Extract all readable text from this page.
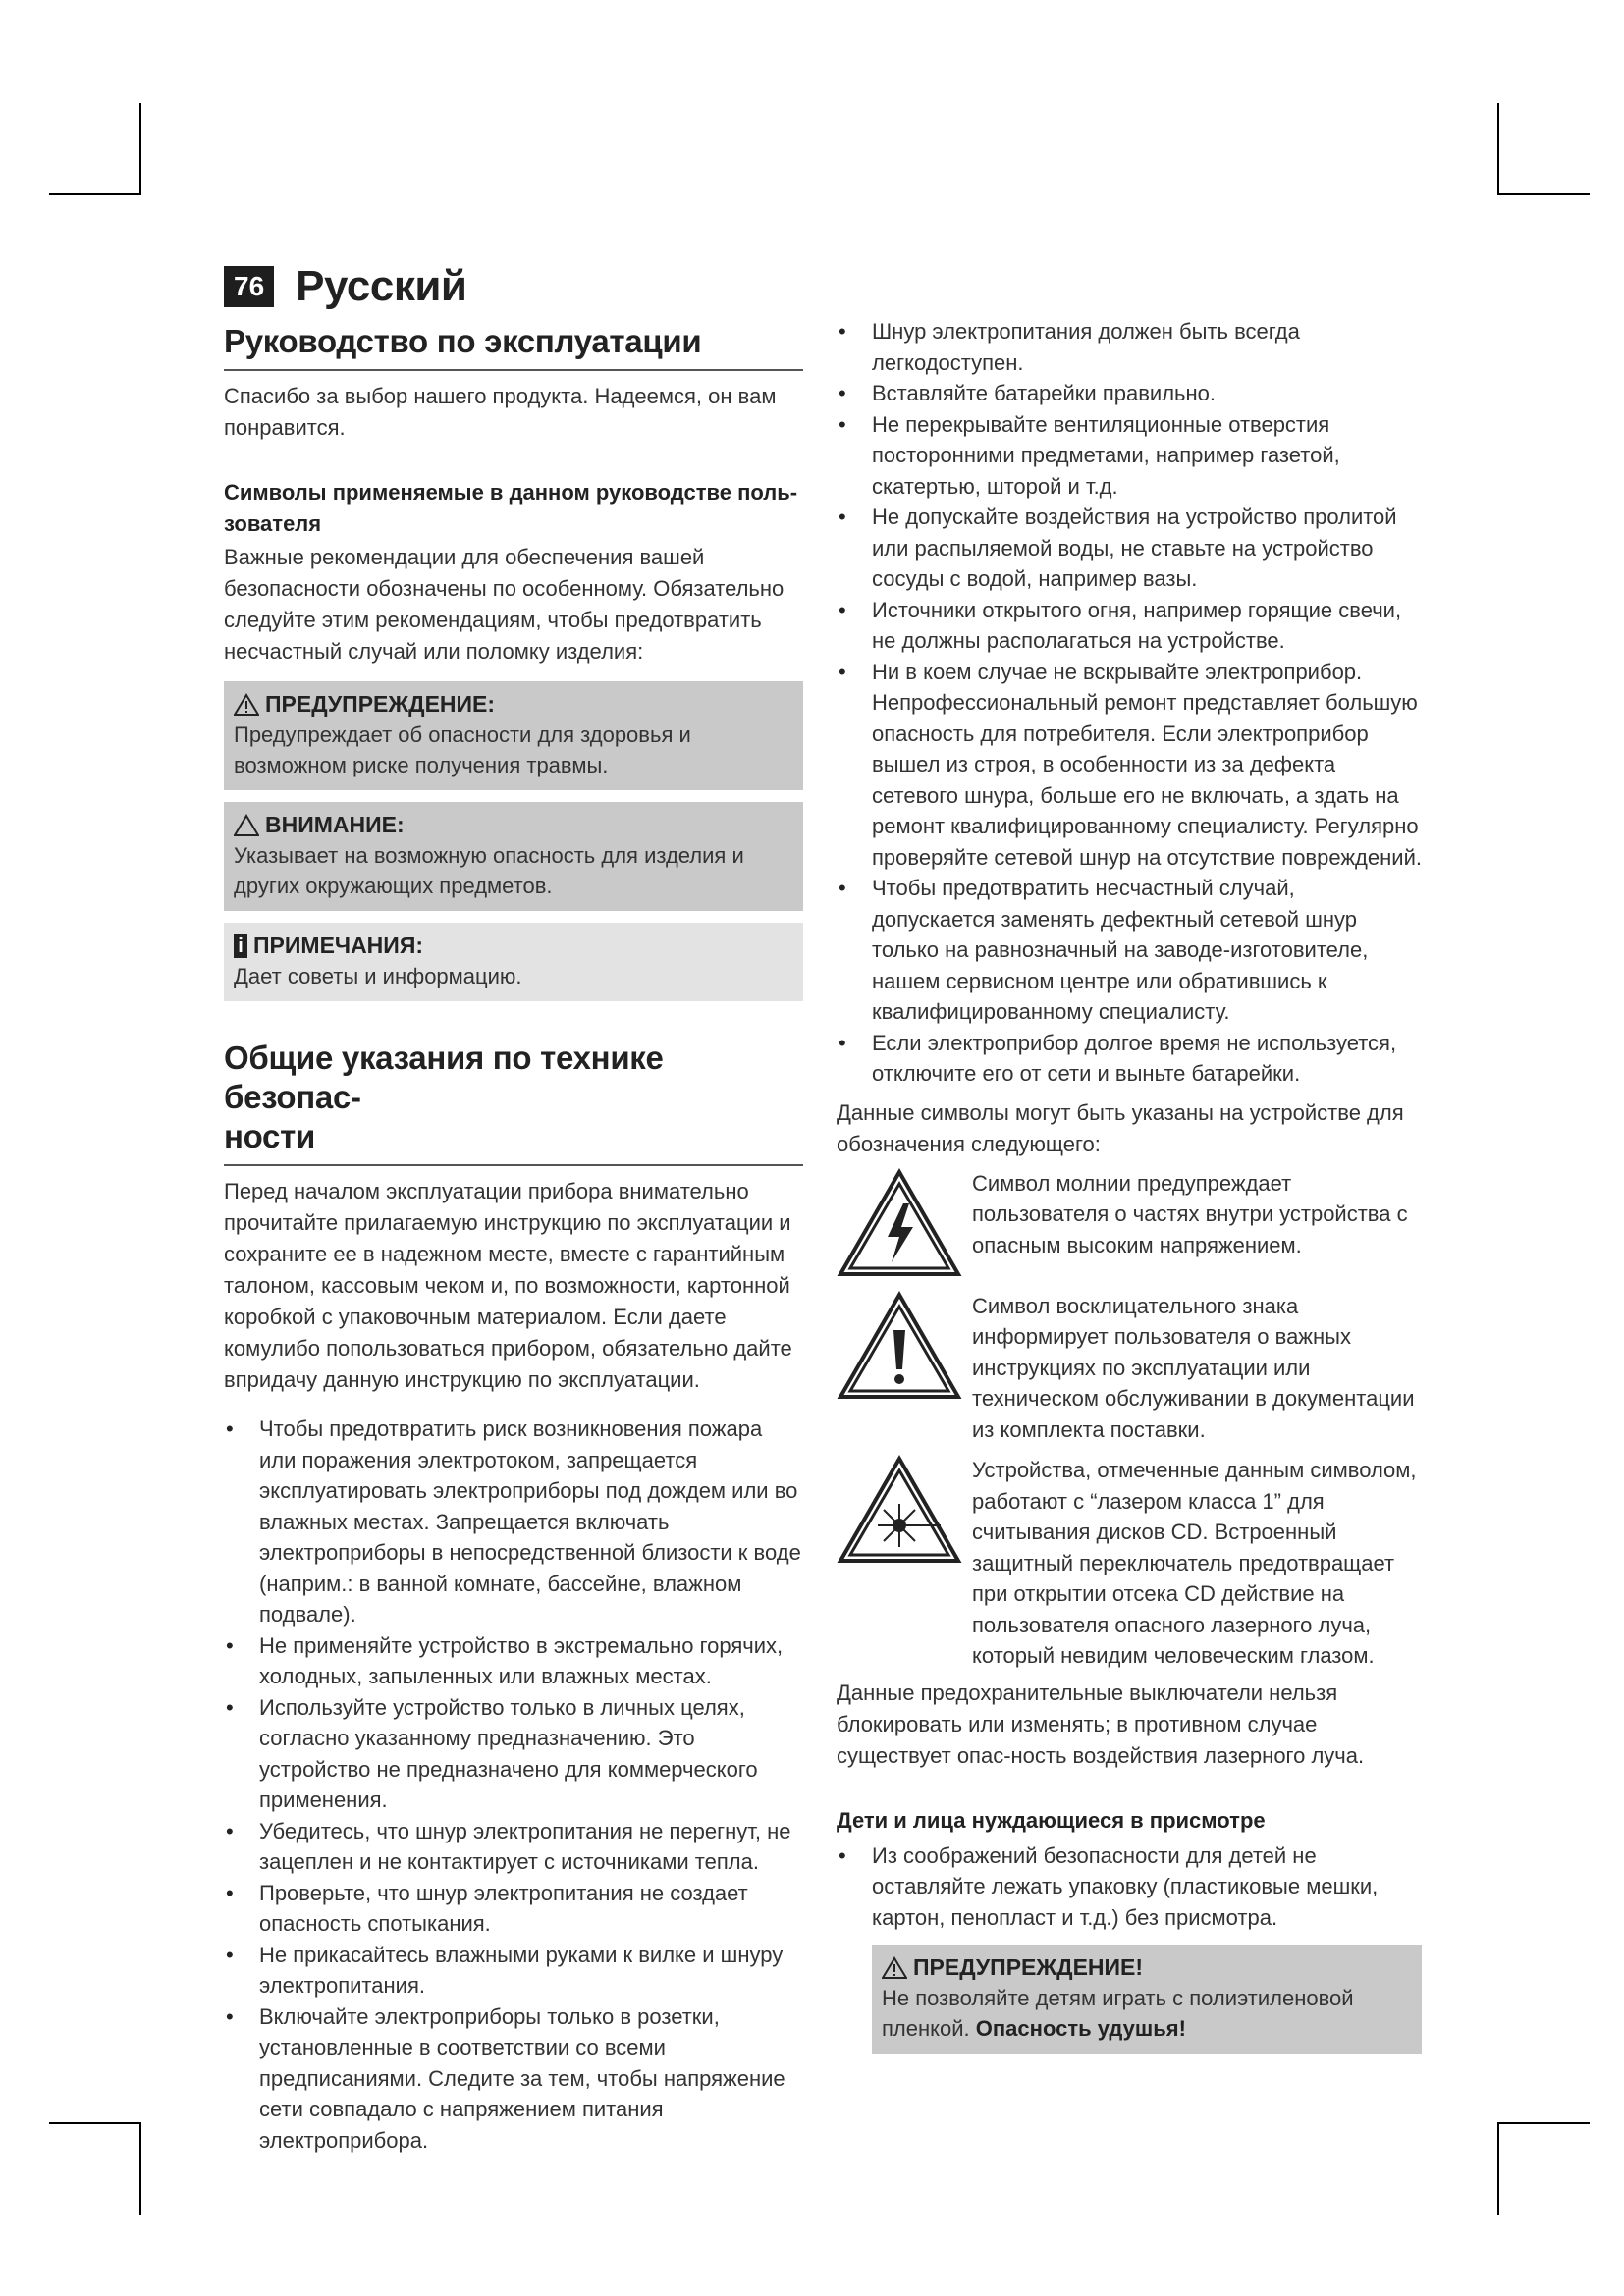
76 Русский
Руководство по эксплуатации

Спасибо за выбор нашего продукта. Надеемся, он вам понравится.

Символы применяемые в данном руководстве поль-
зователя

Важные рекомендации для обеспечения вашей безопасности обозначены по особенному. Обязательно следуйте этим рекомендациям, чтобы предотвратить несчастный случай или поломку изделия:

ПРЕДУПРЕЖДЕНИЕ:
Предупреждает об опасности для здоровья и возможном риске получения травмы.
ВНИМАНИЕ:
Указывает на возможную опасность для изделия и других окружающих предметов.
i ПРИМЕЧАНИЯ:
Дает советы и информацию.
Общие указания по технике безопас-
ности

Перед началом эксплуатации прибора внимательно прочитайте прилагаемую инструкцию по эксплуатации и сохраните ее в надежном месте, вместе с гарантийным талоном, кассовым чеком и, по возможности, картонной коробкой с упаковочным материалом. Если даете комулибо попользоваться прибором, обязательно дайте впридачу данную инструкцию по эксплуатации.

• Чтобы предотвратить риск возникновения пожара или поражения электротоком, запрещается эксплуатировать электроприборы под дождем или во влажных местах. Запрещается включать электроприборы в непосредственной близости к воде (наприм.: в ванной комнате, бассейне, влажном подвале).
• Не применяйте устройство в экстремально горячих, холодных, запыленных или влажных местах.
• Используйте устройство только в личных целях, согласно указанному предназначению. Это устройство не предназначено для коммерческого применения.
• Убедитесь, что шнур электропитания не перегнут, не зацеплен и не контактирует с источниками тепла.
• Проверьте, что шнур электропитания не создает опасность спотыкания.
• Не прикасайтесь влажными руками к вилке и шнуру электропитания.
• Включайте электроприборы только в розетки, установленные в соответствии со всеми предписаниями. Следите за тем, чтобы напряжение сети совпадало с напряжением питания электроприбора.
• Шнур электропитания должен быть всегда легкодоступен.
• Вставляйте батарейки правильно.
• Не перекрывайте вентиляционные отверстия посторонними предметами, например газетой, скатертью, шторой и т.д.
• Не допускайте воздействия на устройство пролитой или распыляемой воды, не ставьте на устройство сосуды с водой, например вазы.
• Источники открытого огня, например горящие свечи, не должны располагаться на устройстве.
• Ни в коем случае не вскрывайте электроприбор. Непрофессиональный ремонт представляет большую опасность для потребителя. Если электроприбор вышел из строя, в особенности из за дефекта сетевого шнура, больше его не включать, а здать на ремонт квалифицированному специалисту. Регулярно проверяйте сетевой шнур на отсутствие повреждений.
• Чтобы предотвратить несчастный случай, допускается заменять дефектный сетевой шнур только на равнозначный на заводе-изготовителе, нашем сервисном центре или обратившись к квалифицированному специалисту.
• Если электроприбор долгое время не используется, отключите его от сети и выньте батарейки.

Данные символы могут быть указаны на устройстве для обозначения следующего:

Символ молнии предупреждает пользователя о частях внутри устройства с опасным высоким напряжением.
Символ восклицательного знака информирует пользователя о важных инструкциях по эксплуатации или техническом обслуживании в документации из комплекта поставки.
Устройства, отмеченные данным символом, работают с “лазером класса 1” для считывания дисков CD. Встроенный защитный переключатель предотвращает при открытии отсека CD действие на пользователя опасного лазерного луча, который невидим человеческим глазом.

Данные предохранительные выключатели нельзя блокировать или изменять; в противном случае существует опас-ность воздействия лазерного луча.

Дети и лица нуждающиеся в присмотре
• Из соображений безопасности для детей не оставляйте лежать упаковку (пластиковые мешки, картон, пенопласт и т.д.) без присмотра.
ПРЕДУПРЕЖДЕНИЕ!
Не позволяйте детям играть с полиэтиленовой пленкой. Опасность удушья!
